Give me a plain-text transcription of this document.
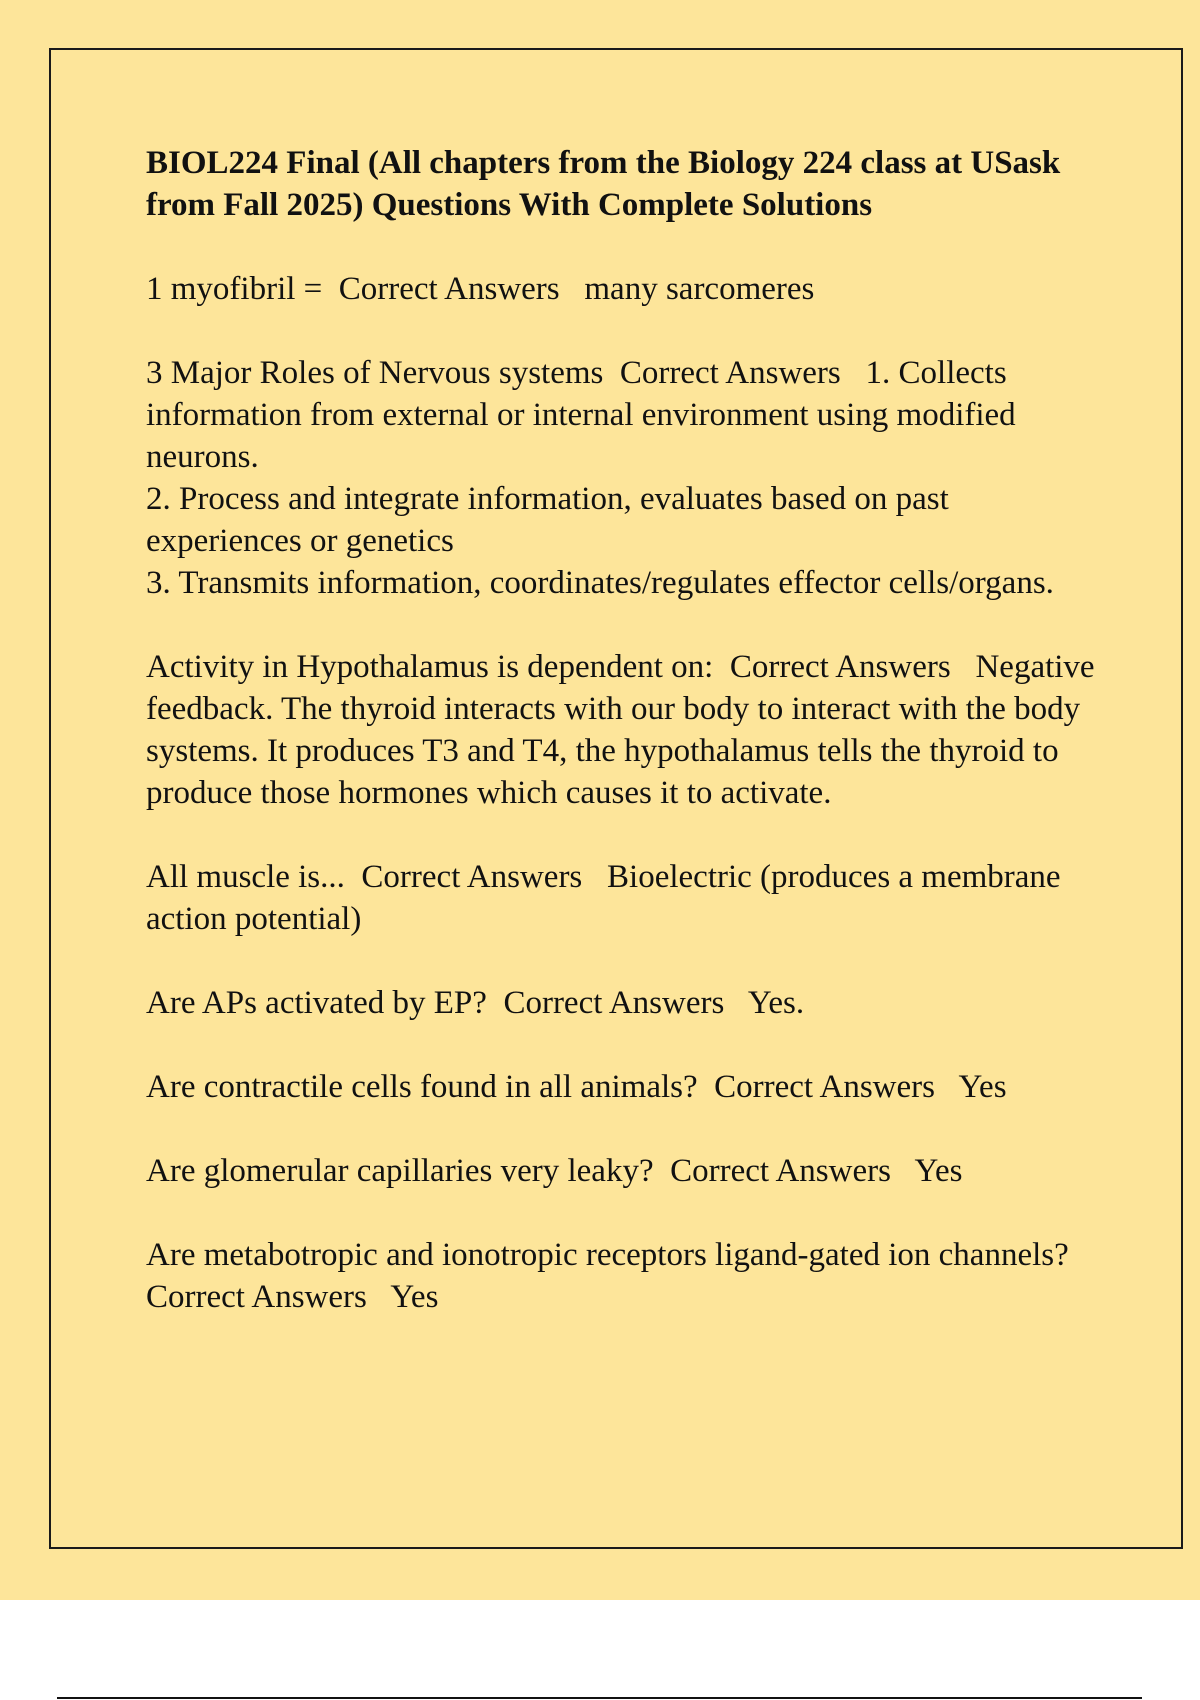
BIOL224 Final (All chapters from the Biology 224 class at USask from Fall 2025) Questions With Complete Solutions

1 myofibril = Correct Answers many sarcomeres

3 Major Roles of Nervous systems Correct Answers 1. Collects information from external or internal environment using modified neurons.
2. Process and integrate information, evaluates based on past experiences or genetics
3. Transmits information, coordinates/regulates effector cells/organs.

Activity in Hypothalamus is dependent on: Correct Answers Negative feedback. The thyroid interacts with our body to interact with the body systems. It produces T3 and T4, the hypothalamus tells the thyroid to produce those hormones which causes it to activate.

All muscle is... Correct Answers Bioelectric (produces a membrane action potential)

Are APs activated by EP? Correct Answers Yes.

Are contractile cells found in all animals? Correct Answers Yes

Are glomerular capillaries very leaky? Correct Answers Yes

Are metabotropic and ionotropic receptors ligand-gated ion channels?  Correct Answers Yes
